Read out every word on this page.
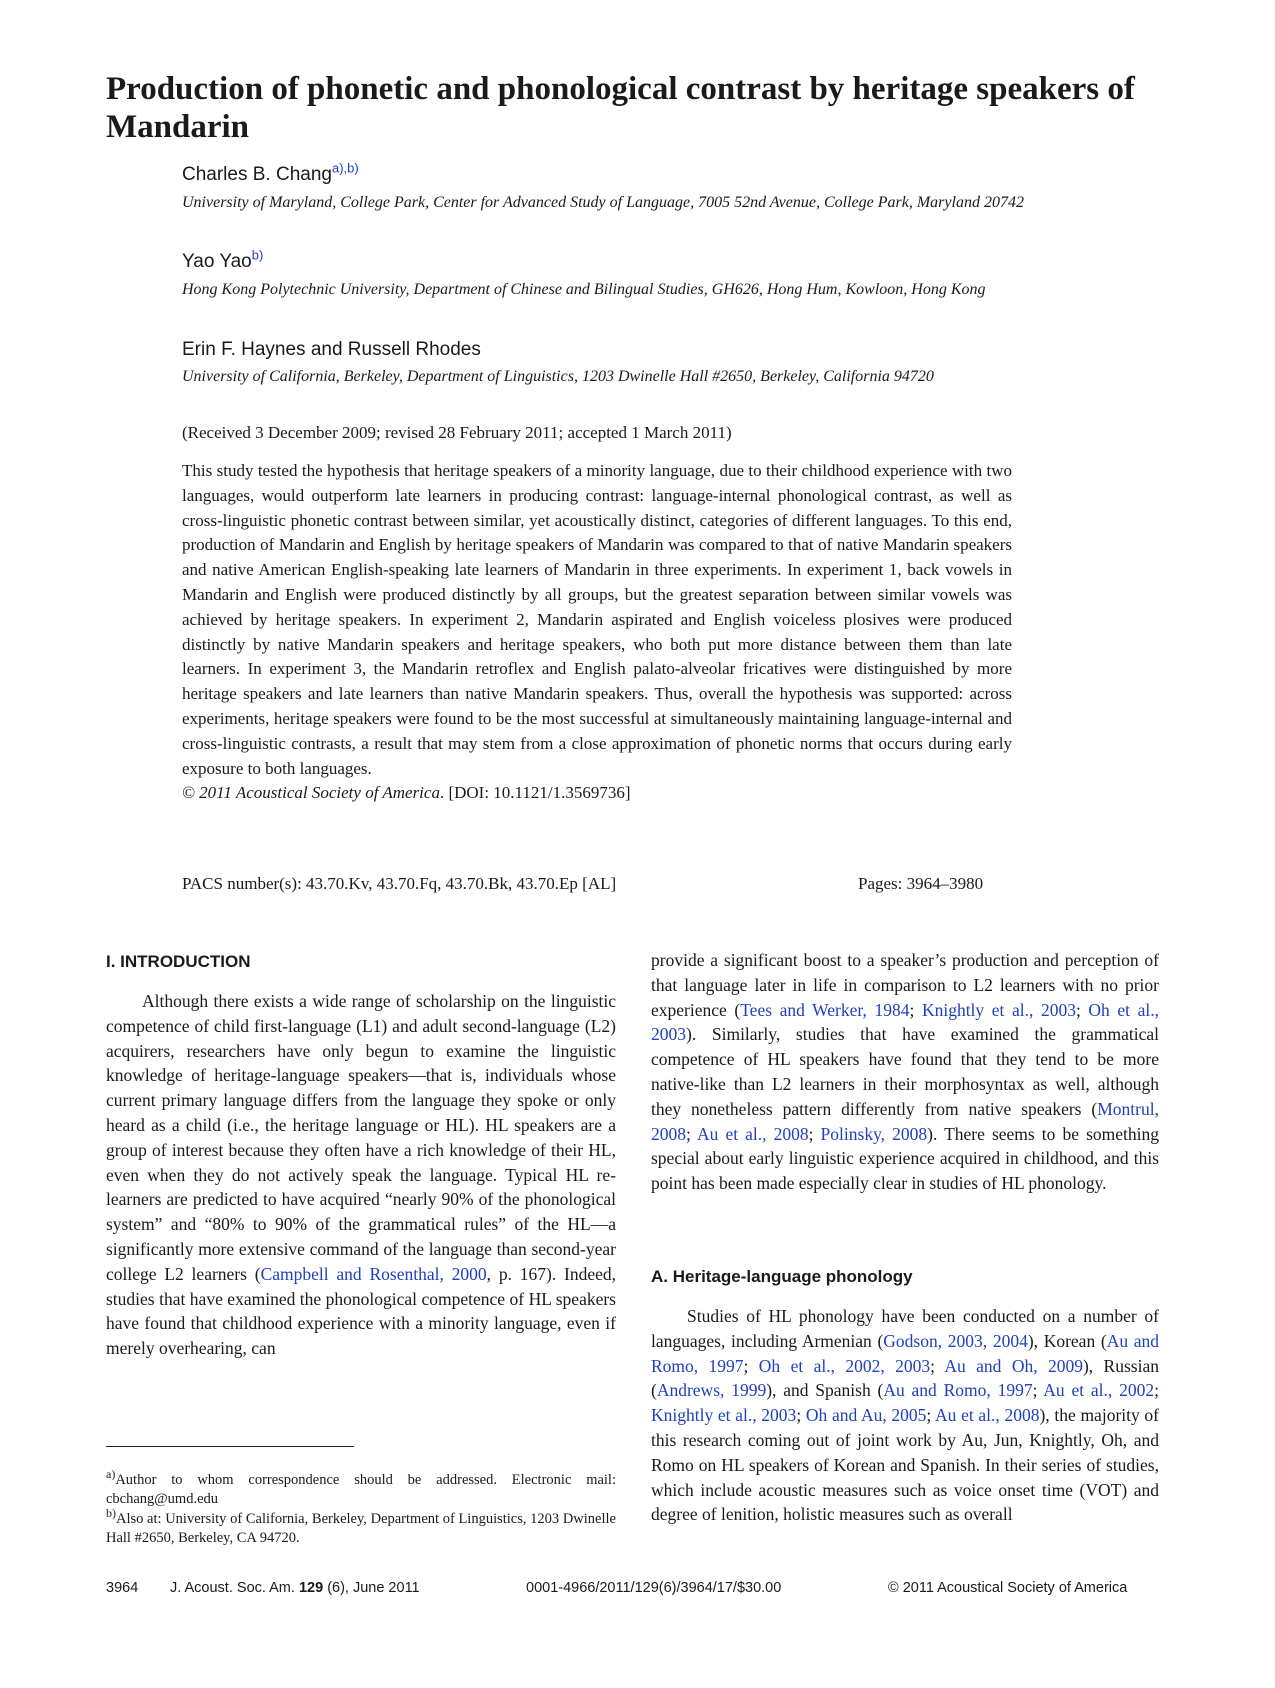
Production of phonetic and phonological contrast by heritage speakers of Mandarin
Charles B. Chang$^{a),b)}$
University of Maryland, College Park, Center for Advanced Study of Language, 7005 52nd Avenue, College Park, Maryland 20742
Yao Yao$^{b)}$
Hong Kong Polytechnic University, Department of Chinese and Bilingual Studies, GH626, Hong Hum, Kowloon, Hong Kong
Erin F. Haynes and Russell Rhodes
University of California, Berkeley, Department of Linguistics, 1203 Dwinelle Hall #2650, Berkeley, California 94720
(Received 3 December 2009; revised 28 February 2011; accepted 1 March 2011)
This study tested the hypothesis that heritage speakers of a minority language, due to their childhood experience with two languages, would outperform late learners in producing contrast: language-internal phonological contrast, as well as cross-linguistic phonetic contrast between similar, yet acoustically distinct, categories of different languages. To this end, production of Mandarin and English by heritage speakers of Mandarin was compared to that of native Mandarin speakers and native American English-speaking late learners of Mandarin in three experiments. In experiment 1, back vowels in Mandarin and English were produced distinctly by all groups, but the greatest separation between similar vowels was achieved by heritage speakers. In experiment 2, Mandarin aspirated and English voiceless plosives were produced distinctly by native Mandarin speakers and heritage speakers, who both put more distance between them than late learners. In experiment 3, the Mandarin retroflex and English palato-alveolar fricatives were distinguished by more heritage speakers and late learners than native Mandarin speakers. Thus, overall the hypothesis was supported: across experiments, heritage speakers were found to be the most successful at simultaneously maintaining language-internal and cross-linguistic contrasts, a result that may stem from a close approximation of phonetic norms that occurs during early exposure to both languages.
© 2011 Acoustical Society of America. [DOI: 10.1121/1.3569736]
PACS number(s): 43.70.Kv, 43.70.Fq, 43.70.Bk, 43.70.Ep [AL]	Pages: 3964–3980
I. INTRODUCTION
Although there exists a wide range of scholarship on the linguistic competence of child first-language (L1) and adult second-language (L2) acquirers, researchers have only begun to examine the linguistic knowledge of heritage-language speakers—that is, individuals whose current primary language differs from the language they spoke or only heard as a child (i.e., the heritage language or HL). HL speakers are a group of interest because they often have a rich knowledge of their HL, even when they do not actively speak the language. Typical HL re-learners are predicted to have acquired “nearly 90% of the phonological system” and “80% to 90% of the grammatical rules” of the HL—a significantly more extensive command of the language than second-year college L2 learners (Campbell and Rosenthal, 2000, p. 167). Indeed, studies that have examined the phonological competence of HL speakers have found that childhood experience with a minority language, even if merely overhearing, can
provide a significant boost to a speaker’s production and perception of that language later in life in comparison to L2 learners with no prior experience (Tees and Werker, 1984; Knightly et al., 2003; Oh et al., 2003). Similarly, studies that have examined the grammatical competence of HL speakers have found that they tend to be more native-like than L2 learners in their morphosyntax as well, although they nonetheless pattern differently from native speakers (Montrul, 2008; Au et al., 2008; Polinsky, 2008). There seems to be something special about early linguistic experience acquired in childhood, and this point has been made especially clear in studies of HL phonology.
A. Heritage-language phonology
Studies of HL phonology have been conducted on a number of languages, including Armenian (Godson, 2003, 2004), Korean (Au and Romo, 1997; Oh et al., 2002, 2003; Au and Oh, 2009), Russian (Andrews, 1999), and Spanish (Au and Romo, 1997; Au et al., 2002; Knightly et al., 2003; Oh and Au, 2005; Au et al., 2008), the majority of this research coming out of joint work by Au, Jun, Knightly, Oh, and Romo on HL speakers of Korean and Spanish. In their series of studies, which include acoustic measures such as voice onset time (VOT) and degree of lenition, holistic measures such as overall
$^{a)}$Author to whom correspondence should be addressed. Electronic mail: cbchang@umd.edu
$^{b)}$Also at: University of California, Berkeley, Department of Linguistics, 1203 Dwinelle Hall #2650, Berkeley, CA 94720.
3964 J. Acoust. Soc. Am. 129 (6), June 2011	0001-4966/2011/129(6)/3964/17/$30.00	© 2011 Acoustical Society of America
